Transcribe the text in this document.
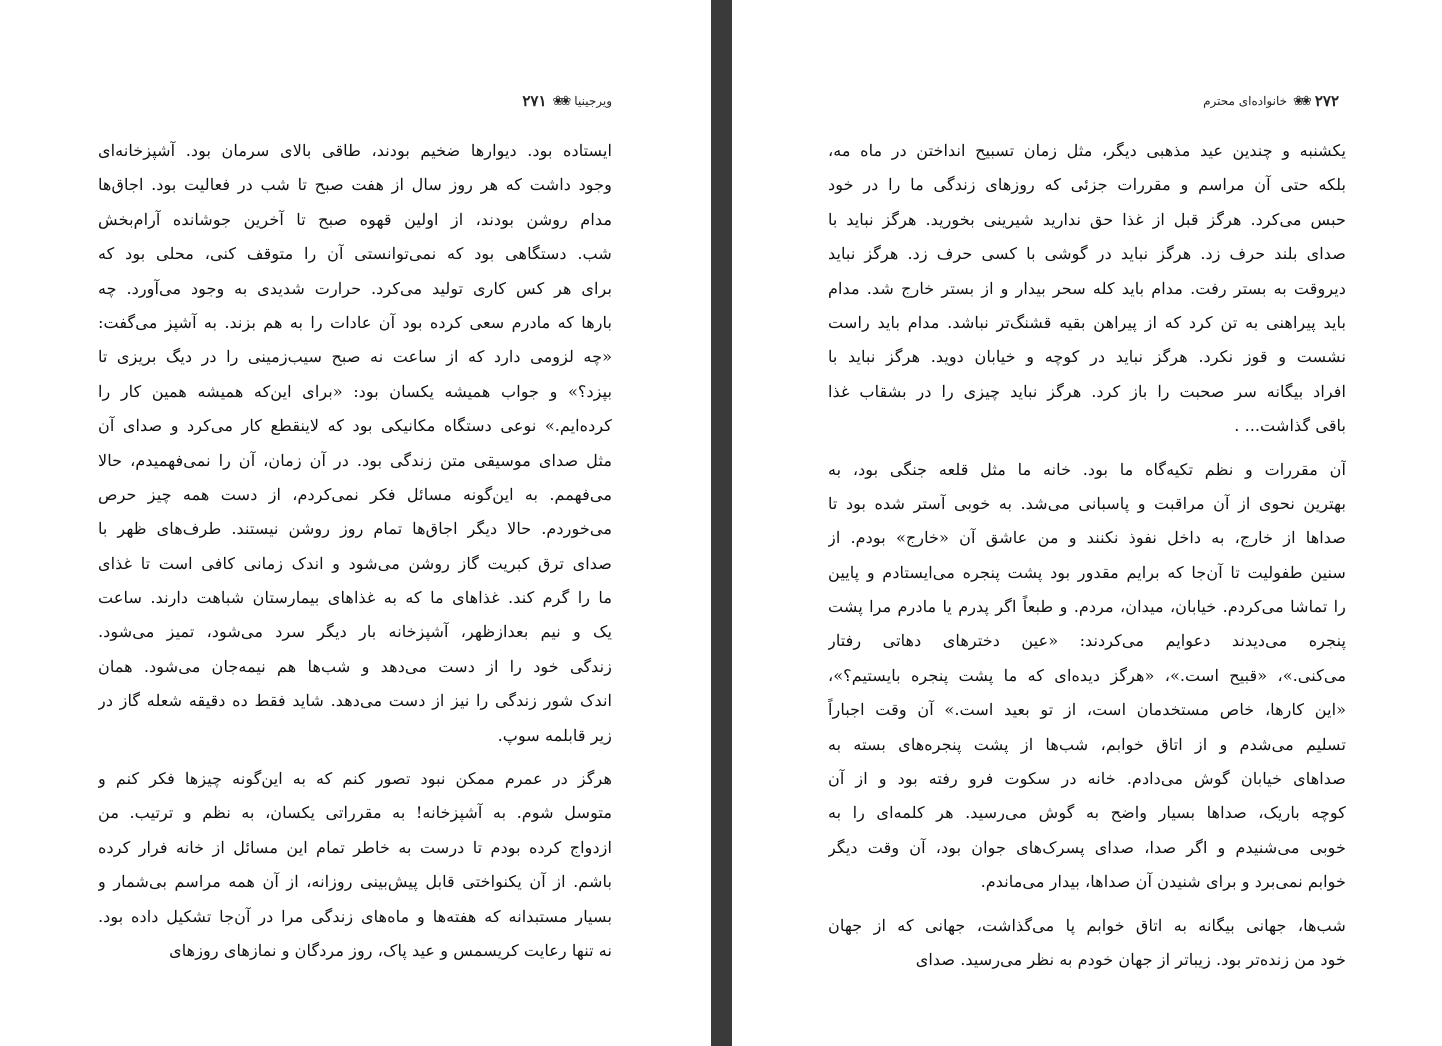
ویرجینیا
❀❀
۲۷۱
ایستاده بود. دیوارها ضخیم بودند، طاقی بالای سرمان بود. آشپزخانه‌ای
وجود داشت که هر روز سال از هفت صبح تا شب در فعالیت بود. اجاق‌ها
مدام روشن بودند، از اولین قهوه صبح تا آخرین جوشانده آرام‌بخش
شب. دستگاهی بود که نمی‌توانستی آن را متوقف کنی، محلی بود که
برای هر کس کاری تولید می‌کرد. حرارت شدیدی به وجود می‌آورد. چه
بارها که مادرم سعی کرده بود آن عادات را به هم بزند. به آشپز می‌گفت:
«چه لزومی دارد که از ساعت نه صبح سیب‌زمینی را در دیگ بریزی تا
بپزد؟» و جواب همیشه یکسان بود: «برای این‌که همیشه همین کار را
کرده‌ایم.» نوعی دستگاه مکانیکی بود که لاینقطع کار می‌کرد و صدای آن
مثل صدای موسیقی متن زندگی بود. در آن زمان، آن را نمی‌فهمیدم، حالا
می‌فهمم. به این‌گونه مسائل فکر نمی‌کردم، از دست همه چیز حرص
می‌خوردم. حالا دیگر اجاق‌ها تمام روز روشن نیستند. طرف‌های ظهر با
صدای ترق کبریت گاز روشن می‌شود و اندک زمانی کافی است تا غذای
ما را گرم کند. غذاهای ما که به غذاهای بیمارستان شباهت دارند. ساعت
یک و نیم بعدازظهر، آشپزخانه بار دیگر سرد می‌شود، تمیز می‌شود.
زندگی خود را از دست می‌دهد و شب‌ها هم نیمه‌جان می‌شود. همان
اندک شور زندگی را نیز از دست می‌دهد. شاید فقط ده دقیقه شعله گاز در
زیر قابلمه سوپ.
هرگز در عمرم ممکن نبود تصور کنم که به این‌گونه چیزها فکر کنم و
متوسل شوم. به آشپزخانه! به مقرراتی یکسان، به نظم و ترتیب. من
ازدواج کرده بودم تا درست به خاطر تمام این مسائل از خانه فرار کرده
باشم. از آن یکنواختی قابل پیش‌بینی روزانه، از آن همه مراسم بی‌شمار و
بسیار مستبدانه که هفته‌ها و ماه‌های زندگی مرا در آن‌جا تشکیل داده بود.
نه تنها رعایت کریسمس و عید پاک، روز مردگان و نمازهای روزهای
۲۷۲
❀❀
خانواده‌ای محترم
یکشنبه و چندین عید مذهبی دیگر، مثل زمان تسبیح انداختن در ماه مه،
بلکه حتی آن مراسم و مقررات جزئی که روزهای زندگی ما را در خود
حبس می‌کرد. هرگز قبل از غذا حق ندارید شیرینی بخورید. هرگز نباید با
صدای بلند حرف زد. هرگز نباید در گوشی با کسی حرف زد. هرگز نباید
دیروقت به بستر رفت. مدام باید کله سحر بیدار و از بستر خارج شد. مدام
باید پیراهنی به تن کرد که از پیراهن بقیه قشنگ‌تر نباشد. مدام باید راست
نشست و قوز نکرد. هرگز نباید در کوچه و خیابان دوید. هرگز نباید با
افراد بیگانه سر صحبت را باز کرد. هرگز نباید چیزی را در بشقاب غذا
باقی گذاشت... .
آن مقررات و نظم تکیه‌گاه ما بود. خانه ما مثل قلعه جنگی بود، به
بهترین نحوی از آن مراقبت و پاسبانی می‌شد. به خوبی آستر شده بود تا
صداها از خارج، به داخل نفوذ نکنند و من عاشق آن «خارج» بودم. از
سنین طفولیت تا آن‌جا که برایم مقدور بود پشت پنجره می‌ایستادم و پایین
را تماشا می‌کردم. خیابان، میدان، مردم. و طبعاً اگر پدرم یا مادرم مرا پشت
پنجره می‌دیدند دعوایم می‌کردند: «عین دخترهای دهاتی رفتار
می‌کنی.»، «قبیح است.»، «هرگز دیده‌ای که ما پشت پنجره بایستیم؟»،
«این کارها، خاص مستخدمان است، از تو بعید است.» آن وقت اجباراً
تسلیم می‌شدم و از اتاق خوابم، شب‌ها از پشت پنجره‌های بسته به
صداهای خیابان گوش می‌دادم. خانه در سکوت فرو رفته بود و از آن
کوچه باریک، صداها بسیار واضح به گوش می‌رسید. هر کلمه‌ای را به
خوبی می‌شنیدم و اگر صدا، صدای پسرک‌های جوان بود، آن وقت دیگر
خوابم نمی‌برد و برای شنیدن آن صداها، بیدار می‌ماندم.
شب‌ها، جهانی بیگانه به اتاق خوابم پا می‌گذاشت، جهانی که از جهان
خود من زنده‌تر بود. زیباتر از جهان خودم به نظر می‌رسید. صدای
